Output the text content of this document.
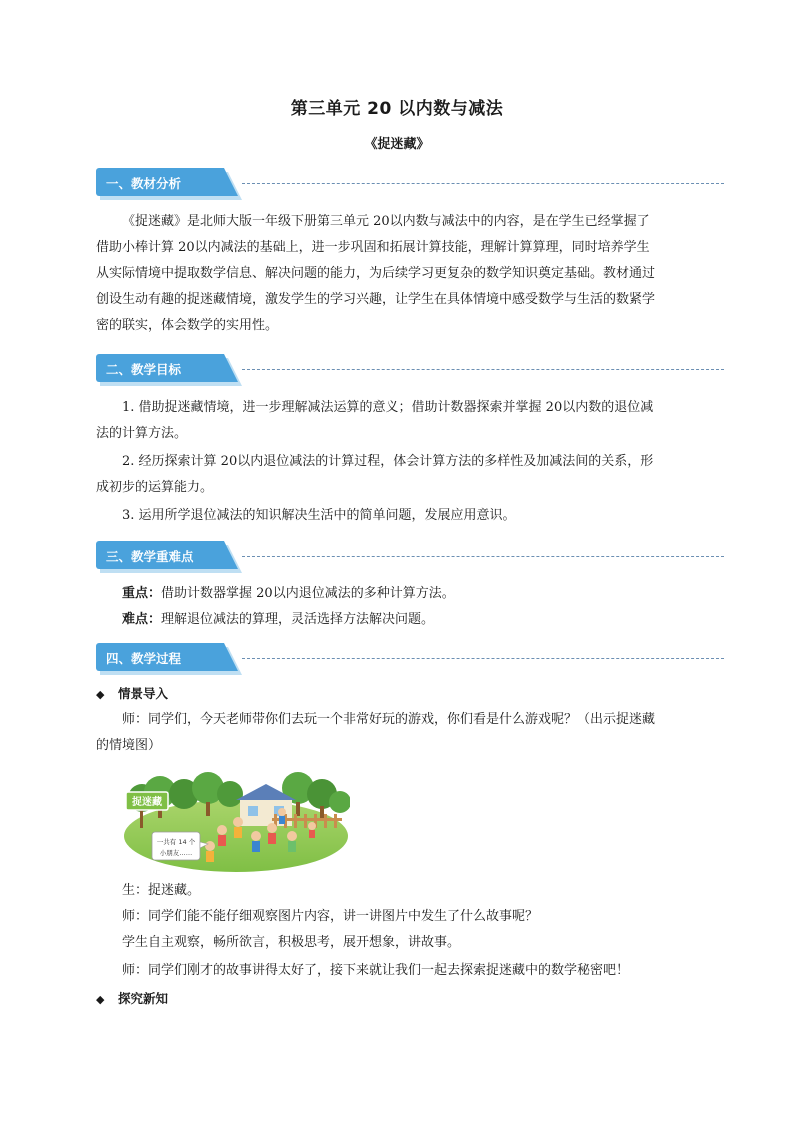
第三单元 20 以内数与减法
《捉迷藏》
一、教材分析
《捉迷藏》是北师大版一年级下册第三单元 20以内数与减法中的内容，是在学生已经掌握了
借助小棒计算 20以内减法的基础上，进一步巩固和拓展计算技能，理解计算算理，同时培养学生
从实际情境中提取数学信息、解决问题的能力，为后续学习更复杂的数学知识奠定基础。教材通过
创设生动有趣的捉迷藏情境，激发学生的学习兴趣，让学生在具体情境中感受数学与生活的数紧学
密的联实，体会数学的实用性。
二、教学目标
1. 借助捉迷藏情境，进一步理解减法运算的意义；借助计数器探索并掌握 20以内数的退位减
法的计算方法。
2. 经历探索计算 20以内退位减法的计算过程，体会计算方法的多样性及加减法间的关系，形
成初步的运算能力。
3. 运用所学退位减法的知识解决生活中的简单问题，发展应用意识。
三、教学重难点
重点：借助计数器掌握 20以内退位减法的多种计算方法。
难点：理解退位减法的算理，灵活选择方法解决问题。
四、教学过程
◆ 情景导入
师：同学们，今天老师带你们去玩一个非常好玩的游戏，你们看是什么游戏呢？（出示捉迷藏
的情境图）
捉迷藏
一共有 14 个
小朋友……
生：捉迷藏。
师：同学们能不能仔细观察图片内容，讲一讲图片中发生了什么故事呢？
学生自主观察，畅所欲言，积极思考，展开想象，讲故事。
师：同学们刚才的故事讲得太好了，接下来就让我们一起去探索捉迷藏中的数学秘密吧！
◆ 探究新知
